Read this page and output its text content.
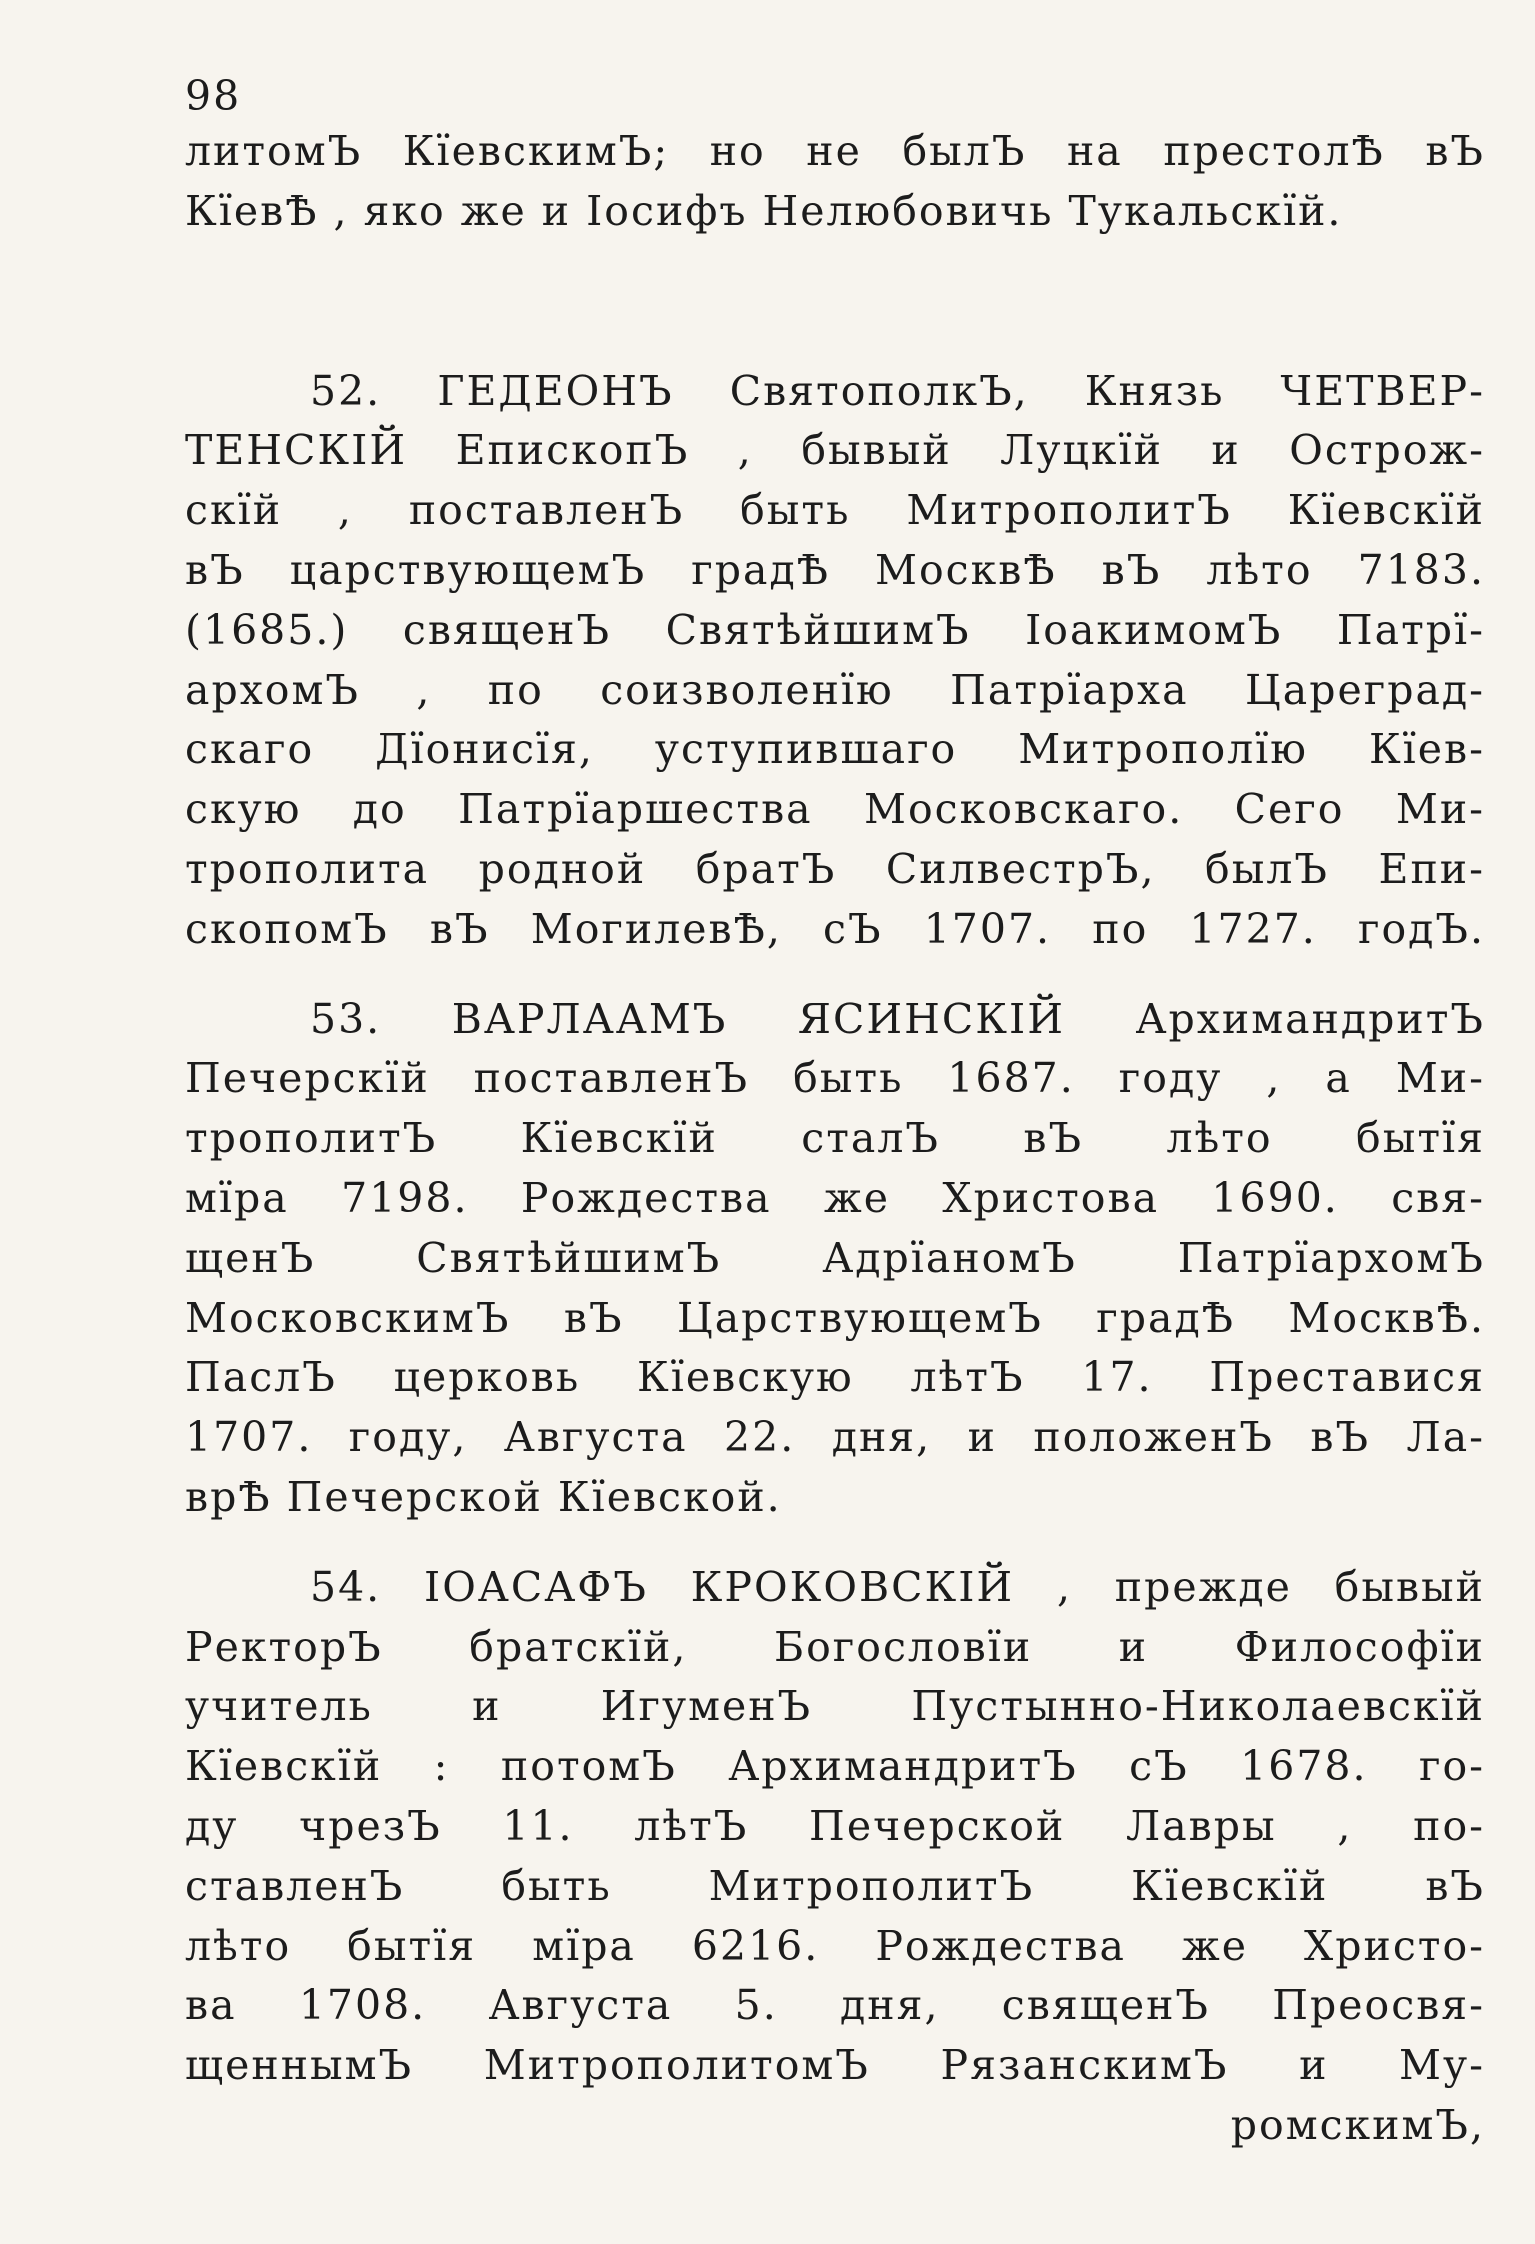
98
литомЪ КїевскимЪ; но не былЪ на престолѢ вЪ
КїевѢ , яко же и Іосифъ Нелюбовичь Тукальскїй.
52. ГЕДЕОНЪ СвятополкЪ, Князь ЧЕТВЕР-
ТЕНСКІЙ ЕпископЪ , бывый Луцкїй и Острож-
скїй , поставленЪ быть МитрополитЪ Кїевскїй
вЪ царствующемЪ градѢ МосквѢ вЪ лѣто 7183.
(1685.) священЪ СвятѣйшимЪ ІоакимомЪ Патрї-
архомЪ , по соизволенїю Патрїарха Цареград-
скаго Дїонисїя, уступившаго Митрополїю Кїев-
скую до Патрїаршества Московскаго. Сего Ми-
трополита родной братЪ СилвестрЪ, былЪ Епи-
скопомЪ вЪ МогилевѢ, сЪ 1707. по 1727. годЪ.
53. ВАРЛААМЪ ЯСИНСКІЙ АрхимандритЪ
Печерскїй поставленЪ быть 1687. году , а Ми-
трополитЪ Кїевскїй сталЪ вЪ лѣто бытїя
мїра 7198. Рождества же Христова 1690. свя-
щенЪ СвятѣйшимЪ АдрїаномЪ ПатрїархомЪ
МосковскимЪ вЪ ЦарствующемЪ градѢ МосквѢ.
ПаслЪ церковь Кїевскую лѣтЪ 17. Преставися
1707. году, Августа 22. дня, и положенЪ вЪ Ла-
врѢ Печерской Кїевской.
54. ІОАСАФЪ КРОКОВСКІЙ , прежде бывый
РекторЪ братскїй, Богословїи и Философїи
учитель и ИгуменЪ Пустынно-Николаевскїй
Кїевскїй : потомЪ АрхимандритЪ сЪ 1678. го-
ду чрезЪ 11. лѣтЪ Печерской Лавры , по-
ставленЪ быть МитрополитЪ Кїевскїй вЪ
лѣто бытїя мїра 6216. Рождества же Христо-
ва 1708. Августа 5. дня, священЪ Преосвя-
щеннымЪ МитрополитомЪ РязанскимЪ и Му-
ромскимЪ,
